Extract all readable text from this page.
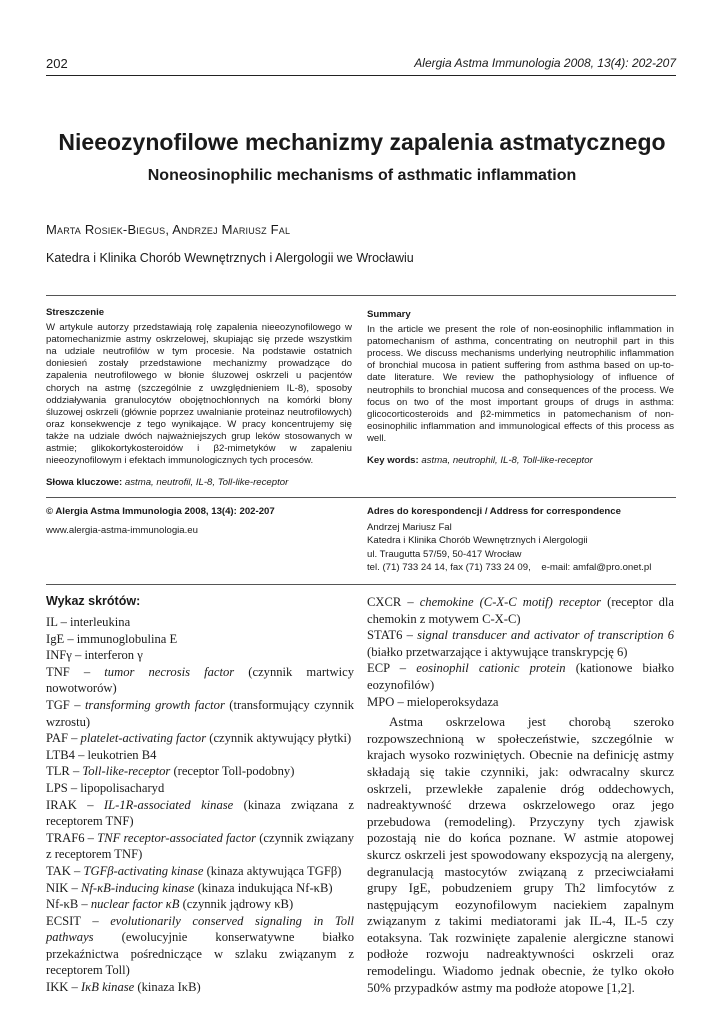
202	Alergia Astma Immunologia 2008, 13(4): 202-207
Nieeozynofilowe mechanizmy zapalenia astmatycznego
Noneosinophilic mechanisms of asthmatic inflammation
Marta Rosiek-Biegus, Andrzej Mariusz Fal
Katedra i Klinika Chorób Wewnętrznych i Alergologii we Wrocławiu
Streszczenie

W artykule autorzy przedstawiają rolę zapalenia nieeozynofilowego w patomechanizmie astmy oskrzelowej, skupiając się przede wszystkim na udziale neutrofilów w tym procesie. Na podstawie ostatnich doniesień zostały przedstawione mechanizmy prowadzące do zapalenia neutrofilowego w błonie śluzowej oskrzeli u pacjentów chorych na astmę (szczególnie z uwzględnieniem IL-8), sposoby oddziaływania granulocytów obojętnochłonnych na komórki błony śluzowej oskrzeli (głównie poprzez uwalnianie proteinaz neutrofilowych) oraz konsekwencje z tego wynikające. W pracy koncentrujemy się także na udziale dwóch najważniejszych grup leków stosowanych w astmie; glikokortykosteroidów i β2-mimetyków w zapaleniu nieeozynofilowym i efektach immunologicznych tych procesów.

Słowa kluczowe: astma, neutrofil, IL-8, Toll-like-receptor

Summary

In the article we present the role of non-eosinophilic inflammation in patomechanism of asthma, concentrating on neutrophil part in this process. We discuss mechanisms underlying neutrophilic inflammation of bronchial mucosa in patient suffering from asthma based on up-to-date literature. We review the pathophysiology of influence of neutrophils to bronchial mucosa and consequences of the process. We focus on two of the most important groups of drugs in asthma: glicocorticosteroids and β2-mimmetics in patomechanism of non-eosinophilic inflammation and immunological effects of this process as well.

Key words: astma, neutrophil, IL-8, Toll-like-receptor

© Alergia Astma Immunologia 2008, 13(4): 202-207
www.alergia-astma-immunologia.eu
Adres do korespondencji / Address for correspondence
Andrzej Mariusz Fal
Katedra i Klinika Chorób Wewnętrznych i Alergologii
ul. Traugutta 57/59, 50-417 Wrocław
tel. (71) 733 24 14, fax (71) 733 24 09,    e-mail: amfal@pro.onet.pl
Wykaz skrótów:

IL – interleukina

IgE – immunoglobulina E

INFγ – interferon γ

TNF – tumor necrosis factor (czynnik martwicy nowotworów)

TGF – transforming growth factor (transformujący czynnik wzrostu)

PAF – platelet-activating factor (czynnik aktywujący płytki)

LTB4 – leukotrien B4

TLR – Toll-like-receptor (receptor Toll-podobny)

LPS – lipopolisacharyd

IRAK – IL-1R-associated kinase (kinaza związana z receptorem TNF)

TRAF6 – TNF receptor-associated factor (czynnik związany z receptorem TNF)

TAK – TGFβ-activating kinase (kinaza aktywująca TGFβ)

NIK – Nf-κB-inducing kinase (kinaza indukująca Nf-κB)

Nf-κB – nuclear factor κB (czynnik jądrowy κB)

ECSIT – evolutionarily conserved signaling in Toll pathways (ewolucyjnie konserwatywne białko przekaźnictwa pośredniczące w szlaku związanym z receptorem Toll)

IKK – IκB kinase (kinaza IκB)

CXCR – chemokine (C-X-C motif) receptor (receptor dla chemokin z motywem C-X-C)

STAT6 – signal transducer and activator of transcription 6 (białko przetwarzające i aktywujące transkrypcję 6)

ECP – eosinophil cationic protein (kationowe białko eozynofilów)

MPO – mieloperoksydaza

Astma oskrzelowa jest chorobą szeroko rozpowszechnioną w społeczeństwie, szczególnie w krajach wysoko rozwiniętych. Obecnie na definicję astmy składają się takie czynniki, jak: odwracalny skurcz oskrzeli, przewlekłe zapalenie dróg oddechowych, nadreaktywność drzewa oskrzelowego oraz jego przebudowa (remodeling). Przyczyny tych zjawisk pozostają nie do końca poznane. W astmie atopowej skurcz oskrzeli jest spowodowany ekspozycją na alergeny, degranulacją mastocytów związaną z przeciwciałami grupy IgE, pobudzeniem grupy Th2 limfocytów z następującym eozynofilowym naciekiem zapalnym związanym z takimi mediatorami jak IL-4, IL-5 czy eotaksyna. Tak rozwinięte zapalenie alergiczne stanowi podłoże rozwoju nadreaktywności oskrzeli oraz remodelingu. Wiadomo jednak obecnie, że tylko około 50% przypadków astmy ma podłoże atopowe [1,2].
